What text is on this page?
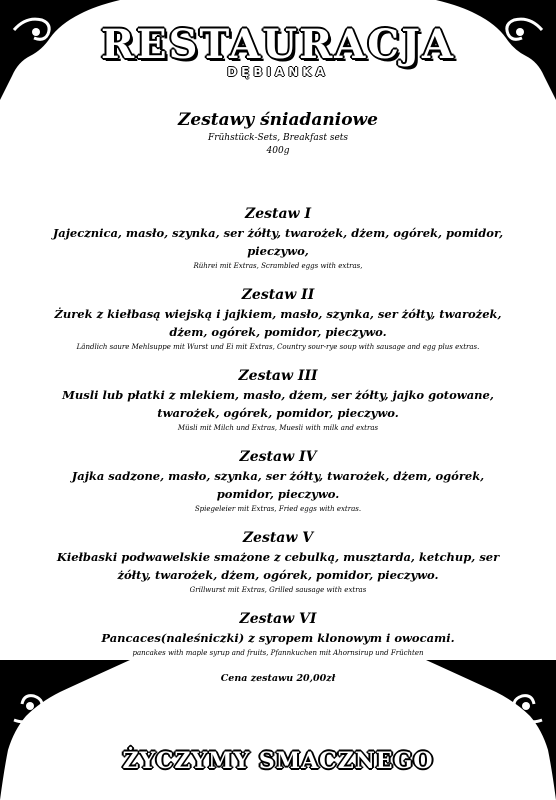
RESTAURACJA
DĘBIANKA

Zestawy śniadaniowe

Frühstück-Sets, Breakfast sets

400g

Zestaw I

Jajecznica, masło, szynka, ser żółty, twarożek, dżem, ogórek, pomidor, pieczywo,

Rührei mit Extras, Scrambled eggs with extras,

Zestaw II

Żurek z kiełbasą wiejską i jajkiem, masło, szynka, ser żółty, twarożek, dżem, ogórek, pomidor, pieczywo.

Ländlich saure Mehlsuppe mit Wurst und Ei mit Extras, Country sour-rye soup with sausage and egg plus extras.

Zestaw III

Musli lub płatki z mlekiem, masło, dżem, ser żółty, jajko gotowane, twarożek, ogórek, pomidor, pieczywo.

Müsli mit Milch und Extras, Muesli with milk and extras

Zestaw IV

Jajka sadzone, masło, szynka, ser żółty, twarożek, dżem, ogórek, pomidor, pieczywo.

Spiegeleier mit Extras, Fried eggs with extras.

Zestaw V

Kiełbaski podwawelskie smażone z cebulką, musztarda, ketchup, ser żółty, twarożek, dżem, ogórek, pomidor, pieczywo.

Grillwurst mit Extras, Grilled sausage with extras

Zestaw VI

Pancaces(naleśniczki) z syropem klonowym i owocami.

pancakes with maple syrup and fruits, Pfannkuchen mit Ahornsirup und Früchten

Cena zestawu 20,00zł

ŻYCZYMY SMACZNEGO
